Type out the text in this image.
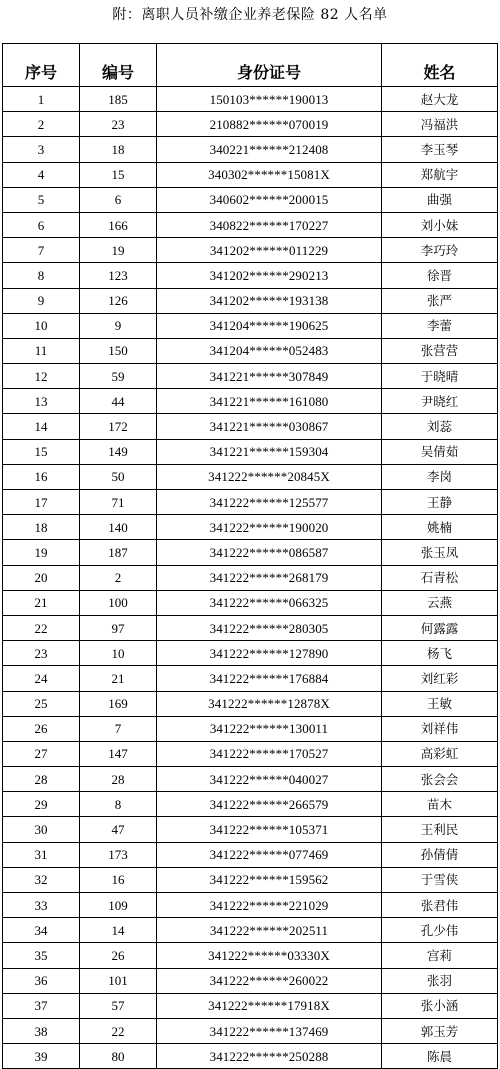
附：离职人员补缴企业养老保险 82 人名单
序号	编号	身份证号	姓名
1	185	150103******190013	赵大龙
2	23	210882******070019	冯福洪
3	18	340221******212408	李玉琴
4	15	340302******15081X	郑航宇
5	6	340602******200015	曲强
6	166	340822******170227	刘小妹
7	19	341202******011229	李巧玲
8	123	341202******290213	徐晋
9	126	341202******193138	张严
10	9	341204******190625	李蕾
11	150	341204******052483	张营营
12	59	341221******307849	于晓晴
13	44	341221******161080	尹晓红
14	172	341221******030867	刘蕊
15	149	341221******159304	吴倩茹
16	50	341222******20845X	李岗
17	71	341222******125577	王静
18	140	341222******190020	姚楠
19	187	341222******086587	张玉凤
20	2	341222******268179	石青松
21	100	341222******066325	云燕
22	97	341222******280305	何露露
23	10	341222******127890	杨飞
24	21	341222******176884	刘红彩
25	169	341222******12878X	王敏
26	7	341222******130011	刘祥伟
27	147	341222******170527	高彩虹
28	28	341222******040027	张会会
29	8	341222******266579	苗木
30	47	341222******105371	王利民
31	173	341222******077469	孙倩倩
32	16	341222******159562	于雪侠
33	109	341222******221029	张君伟
34	14	341222******202511	孔少伟
35	26	341222******03330X	宫莉
36	101	341222******260022	张羽
37	57	341222******17918X	张小涵
38	22	341222******137469	郭玉芳
39	80	341222******250288	陈晨
